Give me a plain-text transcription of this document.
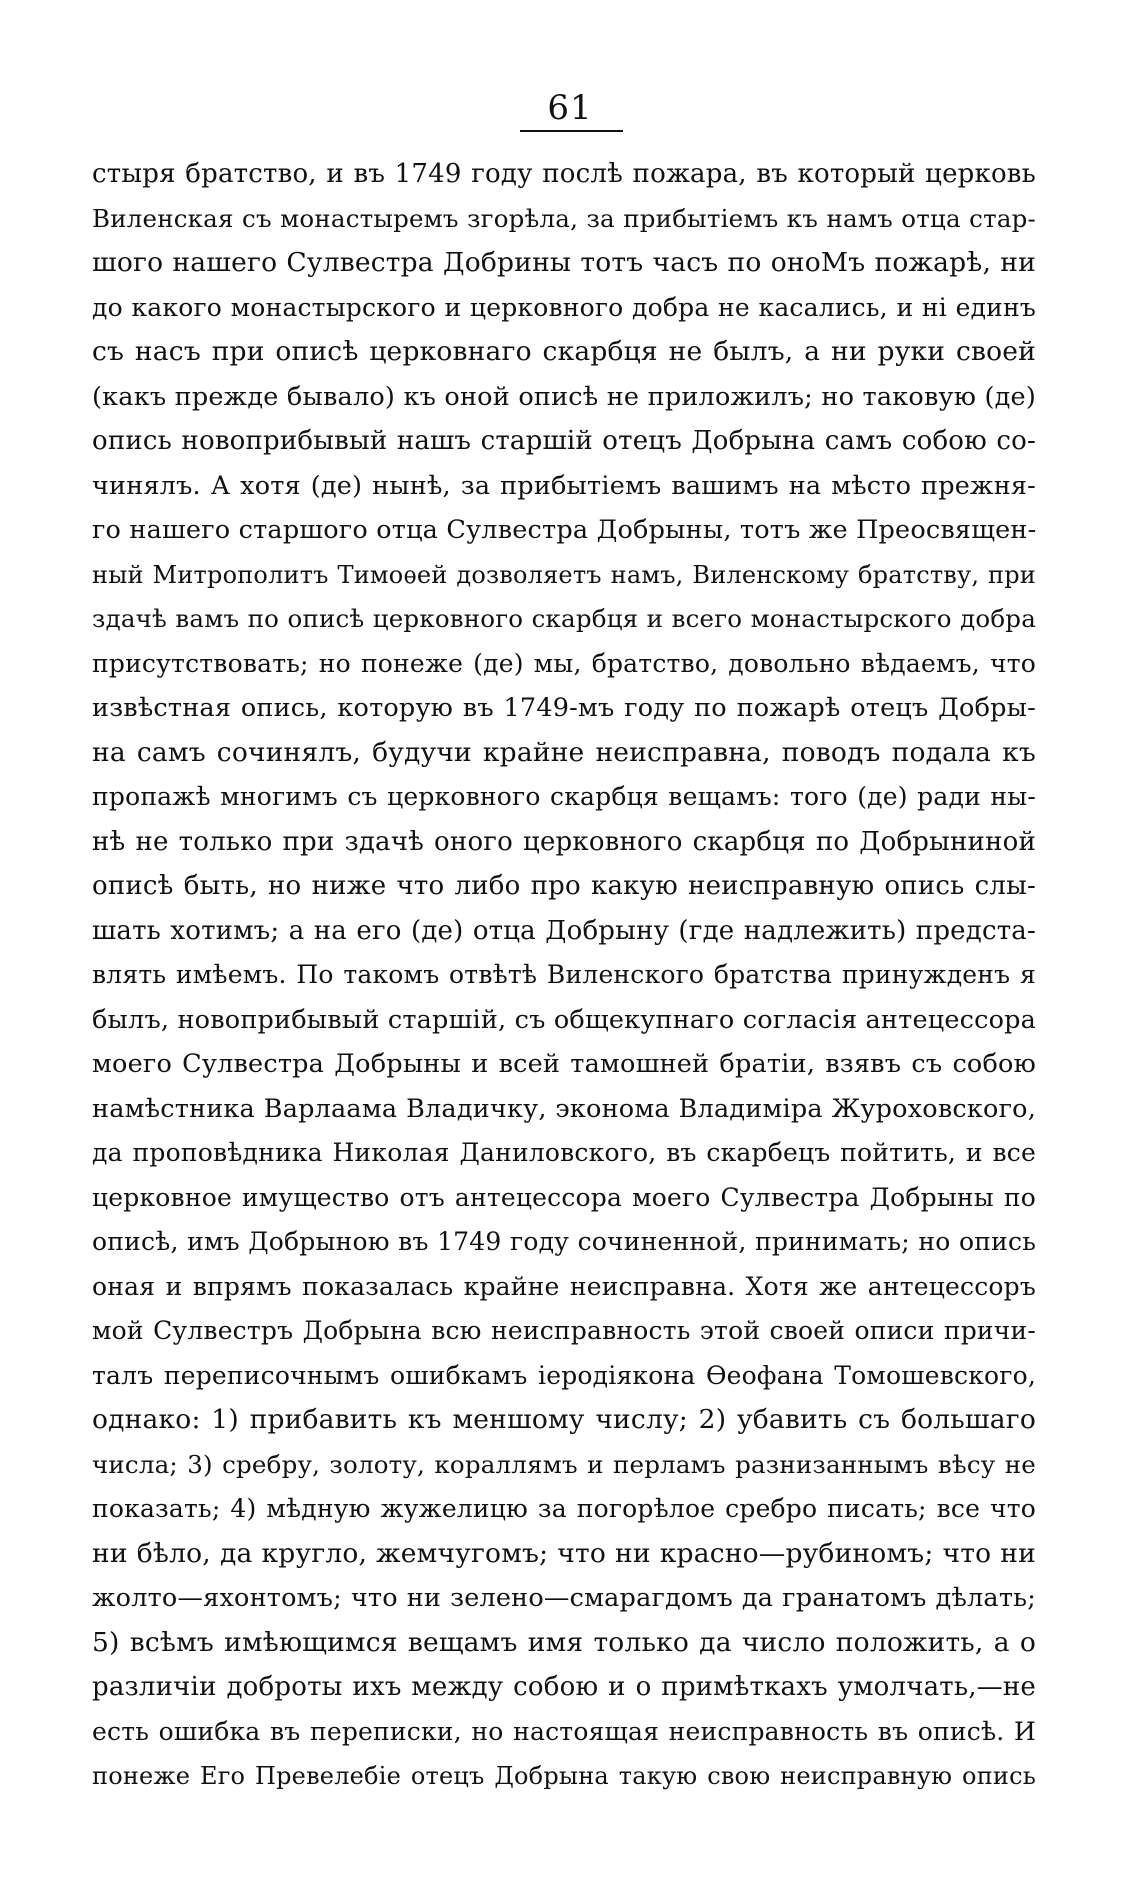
61
стыря братство, и въ 1749 году послѣ пожара, въ который церковь
Виленская съ монастыремъ згорѣла, за прибытіемъ къ намъ отца стар-
шого нашего Сулвестра Добрины тотъ часъ по оноМъ пожарѣ, ни
до какого монастырского и церковного добра не касались, и ні единъ
съ насъ при описѣ церковнаго скарбця не былъ, а ни руки своей
(какъ прежде бывало) къ оной описѣ не приложилъ; но таковую (де)
опись новоприбывый нашъ старшій отецъ Добрына самъ собою со-
чинялъ. А хотя (де) нынѣ, за прибытіемъ вашимъ на мѣсто прежня-
го нашего старшого отца Сулвестра Добрыны, тотъ же Преосвящен-
ный Митрополитъ Тимоѳей дозволяетъ намъ, Виленскому братству, при
здачѣ вамъ по описѣ церковного скарбця и всего монастырского добра
присутствовать; но понеже (де) мы, братство, довольно вѣдаемъ, что
извѣстная опись, которую въ 1749-мъ году по пожарѣ отецъ Добры-
на самъ сочинялъ, будучи крайне неисправна, поводъ подала къ
пропажѣ многимъ съ церковного скарбця вещамъ: того (де) ради ны-
нѣ не только при здачѣ оного церковного скарбця по Добрыниной
описѣ быть, но ниже что либо про какую неисправную опись слы-
шать хотимъ; а на его (де) отца Добрыну (где надлежить) предста-
влять имѣемъ. По такомъ отвѣтѣ Виленского братства принужденъ я
былъ, новоприбывый старшій, съ общекупнаго согласія антецессора
моего Сулвестра Добрыны и всей тамошней братіи, взявъ съ собою
намѣстника Варлаама Владичку, эконома Владиміра Журоховского,
да проповѣдника Николая Даниловского, въ скарбецъ пойтить, и все
церковное имущество отъ антецессора моего Сулвестра Добрыны по
описѣ, имъ Добрыною въ 1749 году сочиненной, принимать; но опись
оная и впрямъ показалась крайне неисправна. Хотя же антецессоръ
мой Сулвестръ Добрына всю неисправность этой своей описи причи-
талъ переписочнымъ ошибкамъ іеродіякона Ѳеофана Томошевского,
однако: 1) прибавить къ меншому числу; 2) убавить съ большаго
числа; 3) сребру, золоту, кораллямъ и перламъ разнизаннымъ вѣсу не
показать; 4) мѣдную жужелицю за погорѣлое сребро писать; все что
ни бѣло, да кругло, жемчугомъ; что ни красно—рубиномъ; что ни
жолто—яхонтомъ; что ни зелено—смарагдомъ да гранатомъ дѣлать;
5) всѣмъ имѣющимся вещамъ имя только да число положить, а о
различіи доброты ихъ между собою и о примѣткахъ умолчать,—не
есть ошибка въ переписки, но настоящая неисправность въ описѣ. И
понеже Его Превелебіе отецъ Добрына такую свою неисправную опись
